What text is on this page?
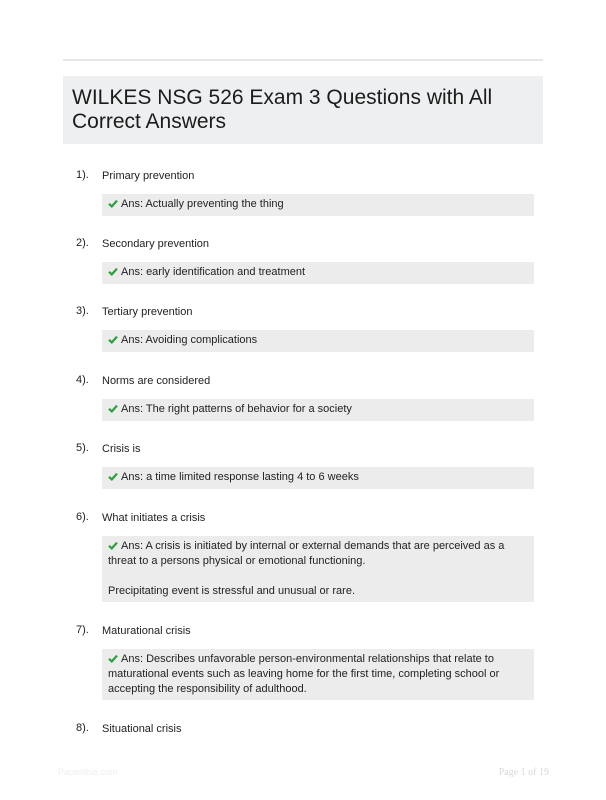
WILKES NSG 526 Exam 3 Questions with All Correct Answers
1). Primary prevention

Ans: Actually preventing the thing

2). Secondary prevention

Ans: early identification and treatment

3). Tertiary prevention

Ans: Avoiding complications

4). Norms are considered

Ans: The right patterns of behavior for a society

5). Crisis is

Ans: a time limited response lasting 4 to 6 weeks

6). What initiates a crisis

Ans: A crisis is initiated by internal or external demands that are perceived as a threat to a persons physical or emotional functioning.

Precipitating event is stressful and unusual or rare.

7). Maturational crisis

Ans: Describes unfavorable person-environmental relationships that relate to maturational events such as leaving home for the first time, completing school or accepting the responsibility of adulthood.

8). Situational crisis
Paperlibie.com	Page 1 of 19
